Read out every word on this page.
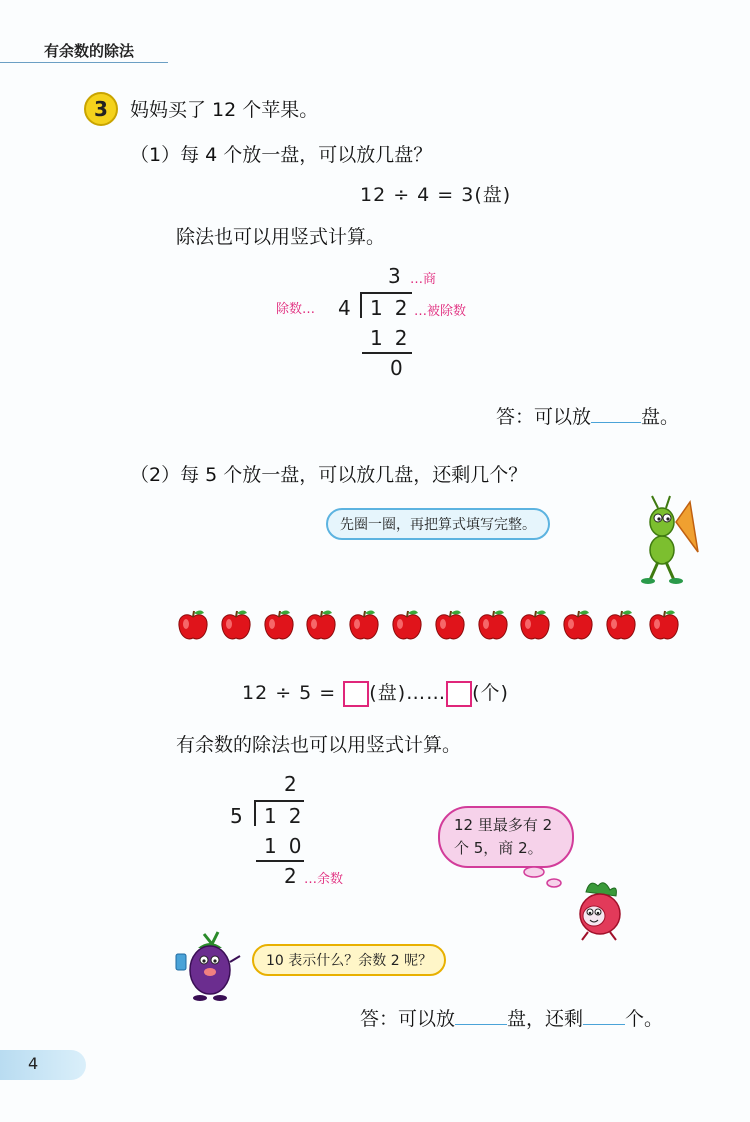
有余数的除法
3	妈妈买了 12 个苹果。
（1）每 4 个放一盘，可以放几盘？
12 ÷ 4 = 3(盘)
除法也可以用竖式计算。
3
…商
除数… 4 12
…被除数
12
0
答：可以放	盘。
（2）每 5 个放一盘，可以放几盘，还剩几个？
先圈一圈，再把算式填写完整。
12 ÷ 5 = (盘)…… (个)
有余数的除法也可以用竖式计算。
2
5 12
10
2
…余数
12 里最多有 2 个 5，商 2。
10 表示什么？余数 2 呢？
答：可以放	盘，还剩 个。
4
